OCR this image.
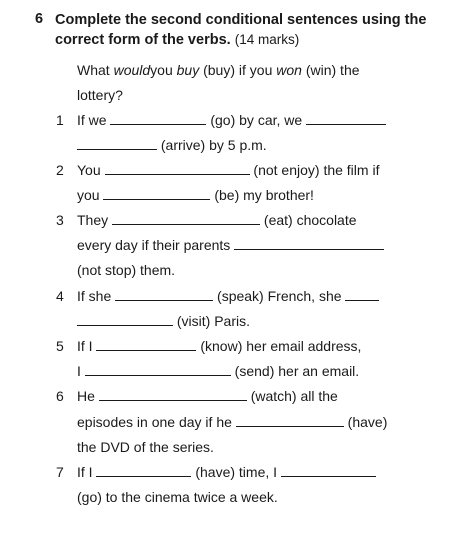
6 Complete the second conditional sentences using the correct form of the verbs. (14 marks)
What wouldyou buy (buy) if you won (win) the
lottery?
1 If we	(go) by car, we
(arrive) by 5 p.m.
2 You	(not enjoy) the film if
you	(be) my brother!
3 They	(eat) chocolate
every day if their parents
(not stop) them.
4 If she	(speak) French, she
(visit) Paris.
5 If I	(know) her email address,
I	(send) her an email.
6 He	(watch) all the
episodes in one day if he	(have)
the DVD of the series.
7 If I	(have) time, I
(go) to the cinema twice a week.
